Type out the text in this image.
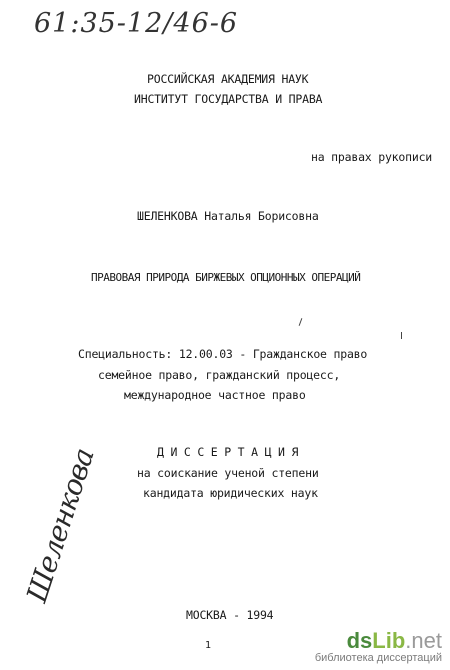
61:35-12/46-6
РОССИЙСКАЯ АКАДЕМИЯ НАУК
ИНСТИТУТ ГОСУДАРСТВА И ПРАВА
на правах рукописи
ШЕЛЕНКОВА Наталья Борисовна
ПРАВОВАЯ ПРИРОДА БИРЖЕВЫХ ОПЦИОННЫХ ОПЕРАЦИЙ
Специальность: 12.00.03 - Гражданское право
семейное право, гражданский процесс,
международное частное право
Д И С С Е Р Т А Ц И Я
на соискание ученой степени
кандидата юридических наук
Шеленкова
МОСКВА - 1994
1	dsLib.net
библиотека диссертаций
